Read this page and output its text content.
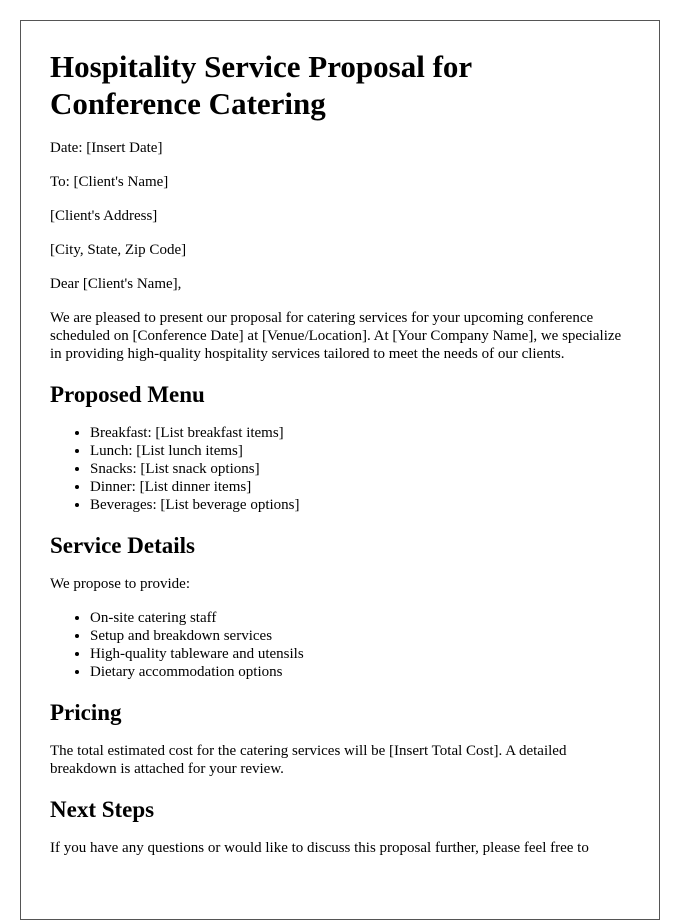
Hospitality Service Proposal for Conference Catering

Date: [Insert Date]

To: [Client's Name]

[Client's Address]

[City, State, Zip Code]

Dear [Client's Name],

We are pleased to present our proposal for catering services for your upcoming conference scheduled on [Conference Date] at [Venue/Location]. At [Your Company Name], we specialize in providing high-quality hospitality services tailored to meet the needs of our clients.

Proposed Menu
• Breakfast: [List breakfast items]
• Lunch: [List lunch items]
• Snacks: [List snack options]
• Dinner: [List dinner items]
• Beverages: [List beverage options]
Service Details

We propose to provide:

• On-site catering staff
• Setup and breakdown services
• High-quality tableware and utensils
• Dietary accommodation options
Pricing

The total estimated cost for the catering services will be [Insert Total Cost]. A detailed breakdown is attached for your review.

Next Steps

If you have any questions or would like to discuss this proposal further, please feel free to
